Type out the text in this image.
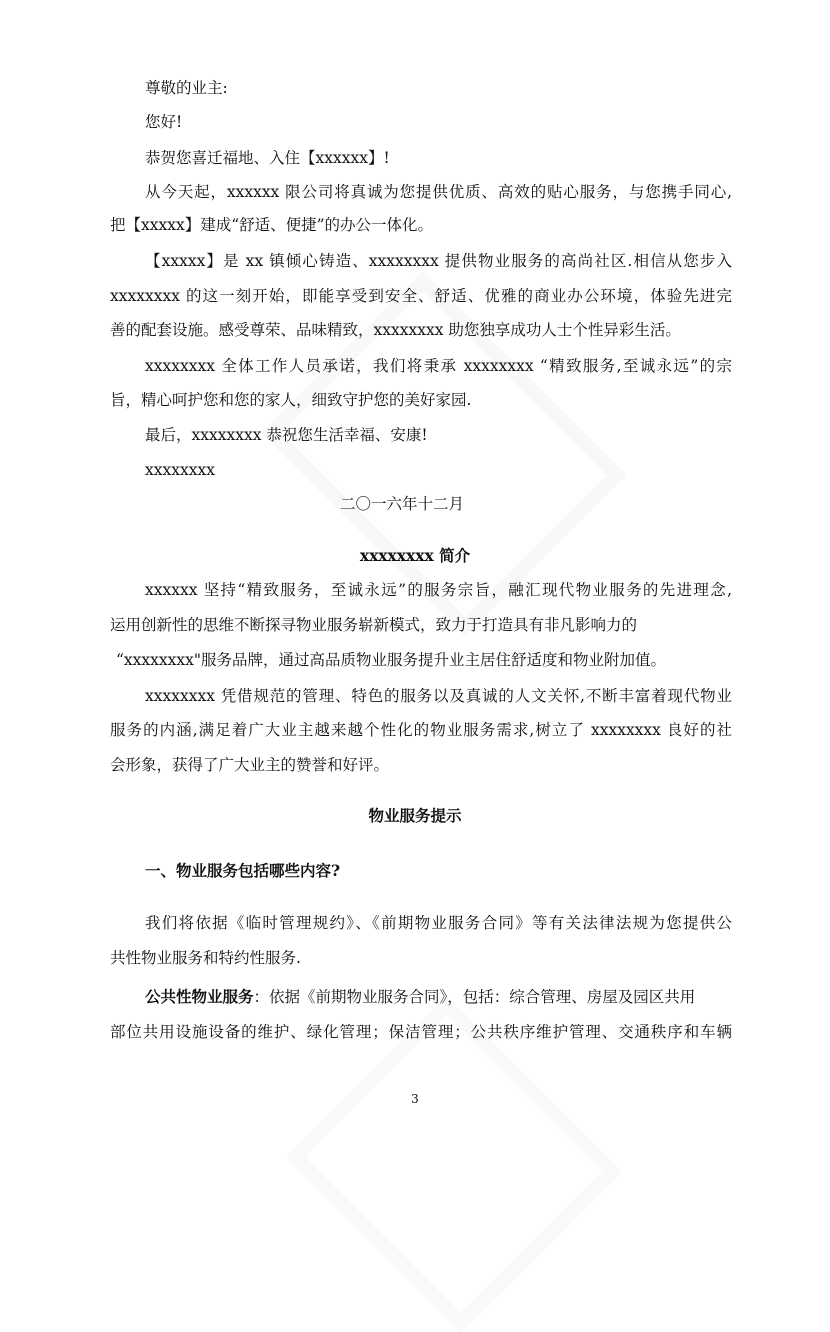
尊敬的业主:
您好!
恭贺您喜迁福地、入住【xxxxxx】!
从今天起，xxxxxx 限公司将真诚为您提供优质、高效的贴心服务，与您携手同心,
把【xxxxx】建成“舒适、便捷”的办公一体化。
【xxxxx】是 xx 镇倾心铸造、xxxxxxxx 提供物业服务的高尚社区.相信从您步入
xxxxxxxx 的这一刻开始，即能享受到安全、舒适、优雅的商业办公环境，体验先进完
善的配套设施。感受尊荣、品味精致，xxxxxxxx 助您独享成功人士个性异彩生活。
xxxxxxxx 全体工作人员承诺，我们将秉承 xxxxxxxx “精致服务,至诚永远”的宗
旨，精心呵护您和您的家人，细致守护您的美好家园.
最后，xxxxxxxx 恭祝您生活幸福、安康!
xxxxxxxx
二〇一六年十二月
xxxxxxxx 简介
xxxxxx 坚持“精致服务，至诚永远”的服务宗旨，融汇现代物业服务的先进理念,
运用创新性的思维不断探寻物业服务崭新模式，致力于打造具有非凡影响力的
“xxxxxxxx"服务品牌，通过高品质物业服务提升业主居住舒适度和物业附加值。
xxxxxxxx 凭借规范的管理、特色的服务以及真诚的人文关怀,不断丰富着现代物业
服务的内涵,满足着广大业主越来越个性化的物业服务需求,树立了 xxxxxxxx 良好的社
会形象，获得了广大业主的赞誉和好评。
物业服务提示
一、物业服务包括哪些内容?
我们将依据《临时管理规约》、《前期物业服务合同》等有关法律法规为您提供公
共性物业服务和特约性服务.
公共性物业服务：依据《前期物业服务合同》，包括：综合管理、房屋及园区共用
部位共用设施设备的维护、绿化管理；保洁管理；公共秩序维护管理、交通秩序和车辆
3
